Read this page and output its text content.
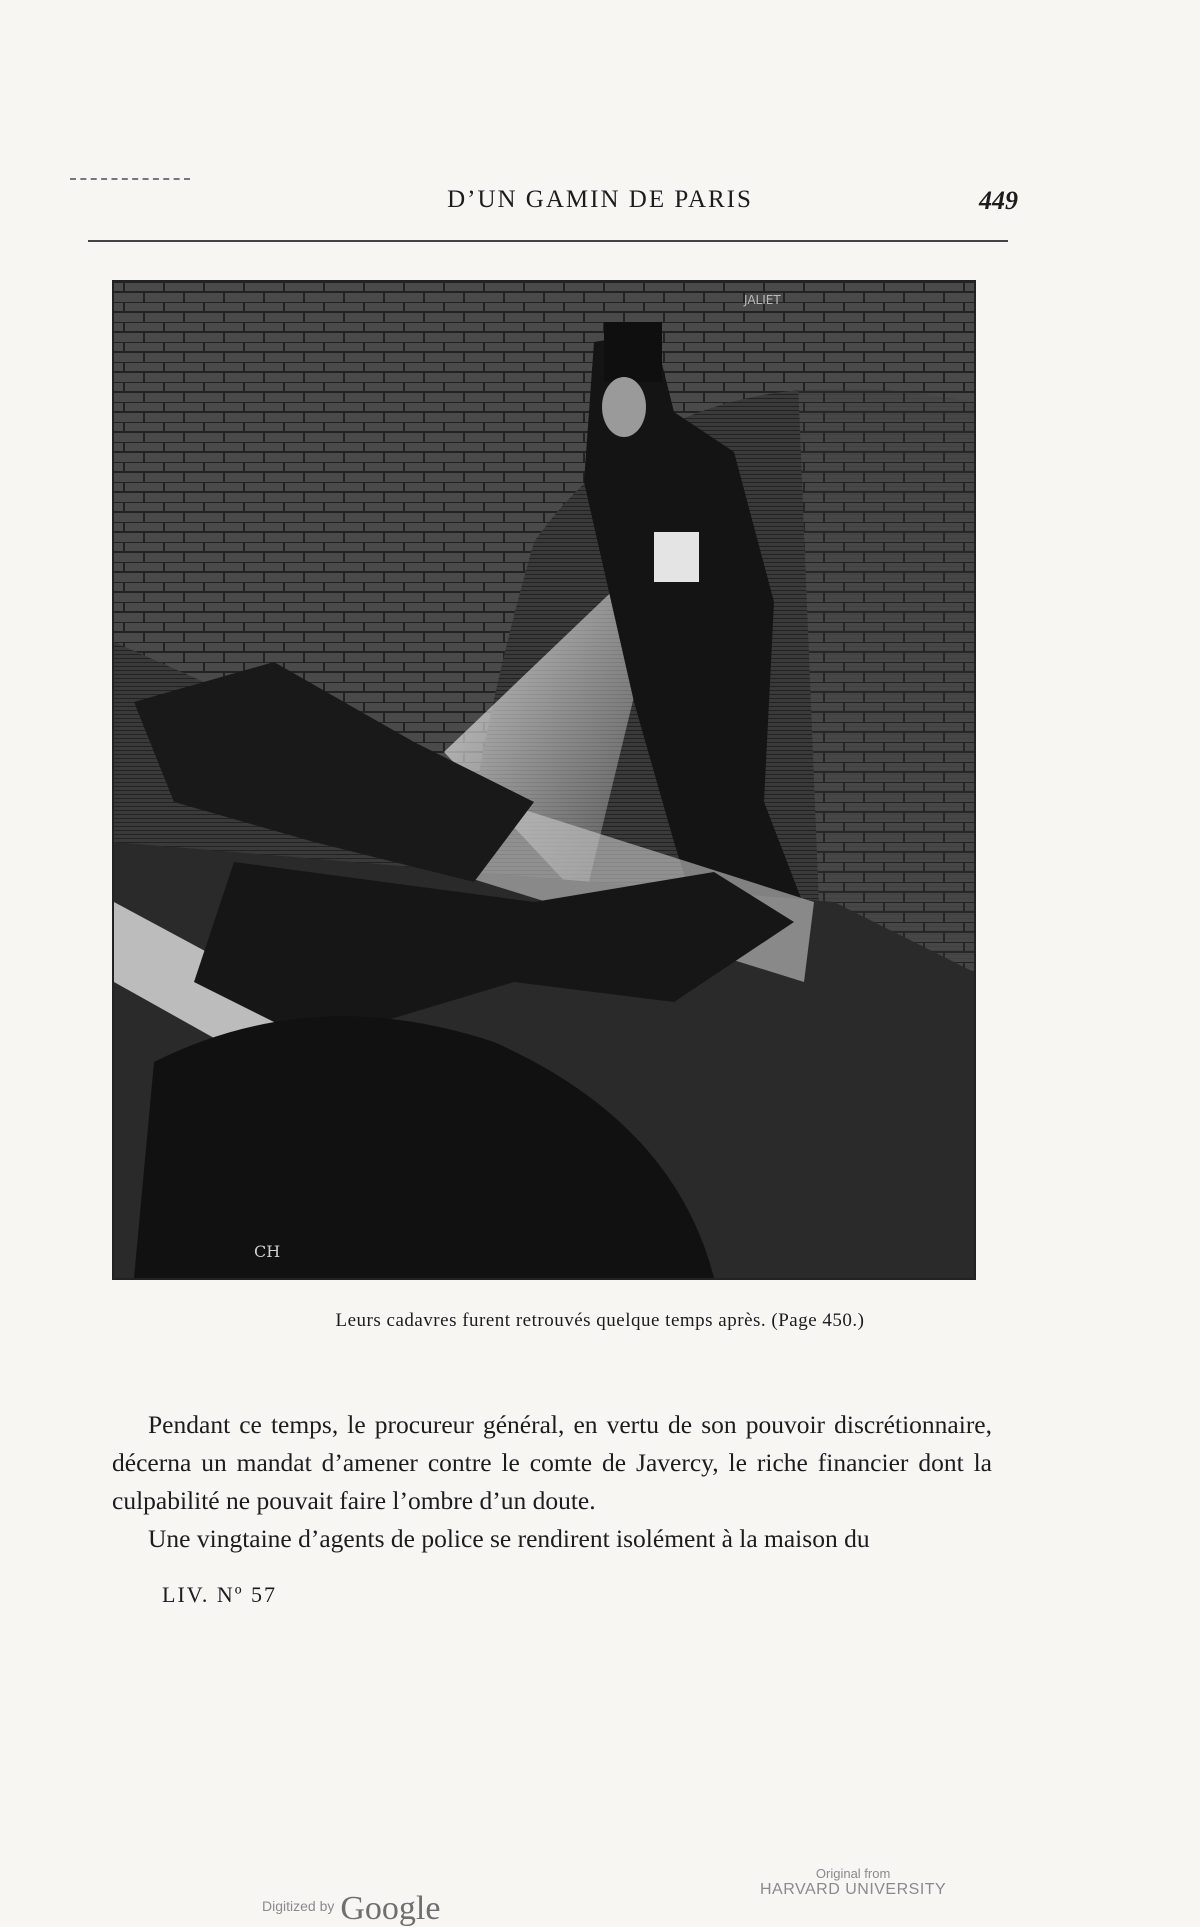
D’UN GAMIN DE PARIS	449
JALIET
CH
Leurs cadavres furent retrouvés quelque temps après. (Page 450.)

Pendant ce temps, le procureur général, en vertu de son pouvoir discrétionnaire, décerna un mandat d’amener contre le comte de Javercy, le riche financier dont la culpabilité ne pouvait faire l’ombre d’un doute.

Une vingtaine d’agents de police se rendirent isolément à la maison du

LIV. Nº 57
Digitized by Google
Original from
HARVARD UNIVERSITY
